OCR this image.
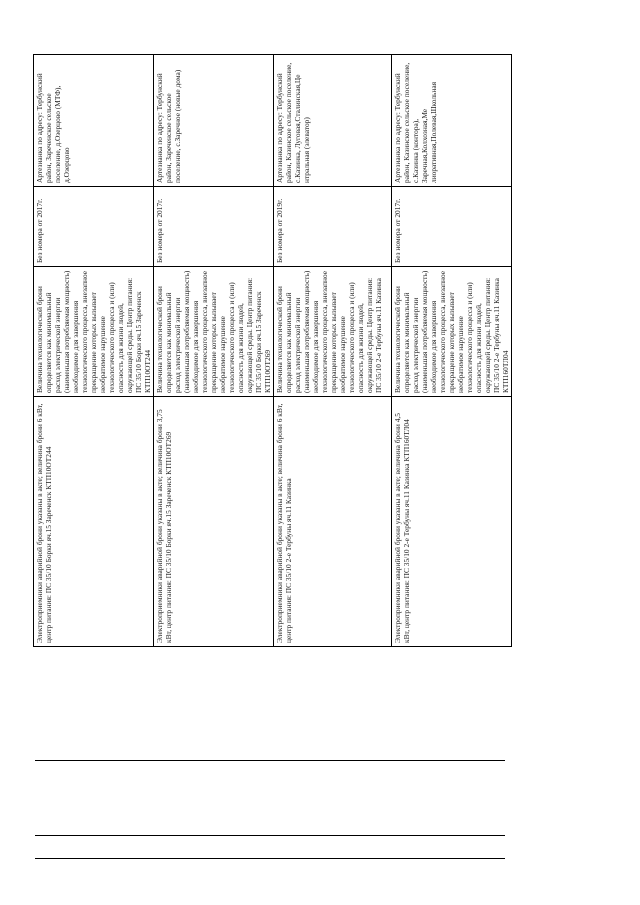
Электроприемники аварийной брони указаны в акте; величина брони 6 кВт, центр питания: ПС 35/10 Борки яч.15 Зареченск КТП10ОТ244	Величина технологической брони определяется как минимальный расход электрической энергии (наименьшая потребляемая мощность) необходимое для завершения технологического процесса, внезапное прекращение которых вызывает необратимое нарушение технологического процесса и (или) опасность для жизни людей, окружающей среды. Центр питания: ПС 35/10 Борки яч.15 Зареченск КТП10ОТ244	Без номера от 2017г.	Артезианка по адресу: Тербунский район, Зареченское сельское поселение, д.Озерцово (МТФ), д.Озерцово
Электроприемники аварийной брони указаны в акте; величина брони 3,75 кВт, центр питания: ПС 35/10 Борки яч.15 Зареченск КТП10ОТ269	Величина технологической брони определяется как минимальный расход электрической энергии (наименьшая потребляемая мощность) необходимое для завершения технологического процесса, внезапное прекращение которых вызывает необратимое нарушение технологического процесса и (или) опасность для жизни людей, окружающей среды. Центр питания: ПС 35/10 Борки яч.15 Зареченск КТП10ОТ269	Без номера от 2017г.	Артезианка по адресу: Тербунский район, Зареченское сельское поселение, с.Заречное (новые дома)
Электроприемники аварийной брони указаны в акте; величина брони 6 кВт, центр питания: ПС 35/10 2-е Тербуны яч.11 Казинка	Величина технологической брони определяется как минимальный расход электрической энергии (наименьшая потребляемая мощность) необходимое для завершения технологического процесса, внезапное прекращение которых вызывает необратимое нарушение технологического процесса и (или) опасность для жизни людей, окружающей среды. Центр питания: ПС 35/10 2-е Тербуны яч.11 Казинка	Без номера от 2019г.	Артезианка по адресу: Тербунский район, Казинское сельское поселение, с.Казинка, Луговая,Сталинская,Це нтральная (элеватор)
Электроприемники аварийной брони указаны в акте; величина брони 4,5 кВт, центр питания: ПС 35/10 2-е Тербуны яч.11 Казинка КТП160ТЛ04	Величина технологической брони определяется как минимальный расход электрической энергии (наименьшая потребляемая мощность) необходимое для завершения технологического процесса, внезапное прекращение которых вызывает необратимое нарушение технологического процесса и (или) опасность для жизни людей, окружающей среды. Центр питания: ПС 35/10 2-е Тербуны яч.11 Казинка КТП160ТЛ04	Без номера от 2017г.	Артезианка по адресу: Тербунский район, Казинское сельское поселение, с.Казинка (контора), Заречная,Колхозная,Ме лиоративная,Полевая,Школьная
